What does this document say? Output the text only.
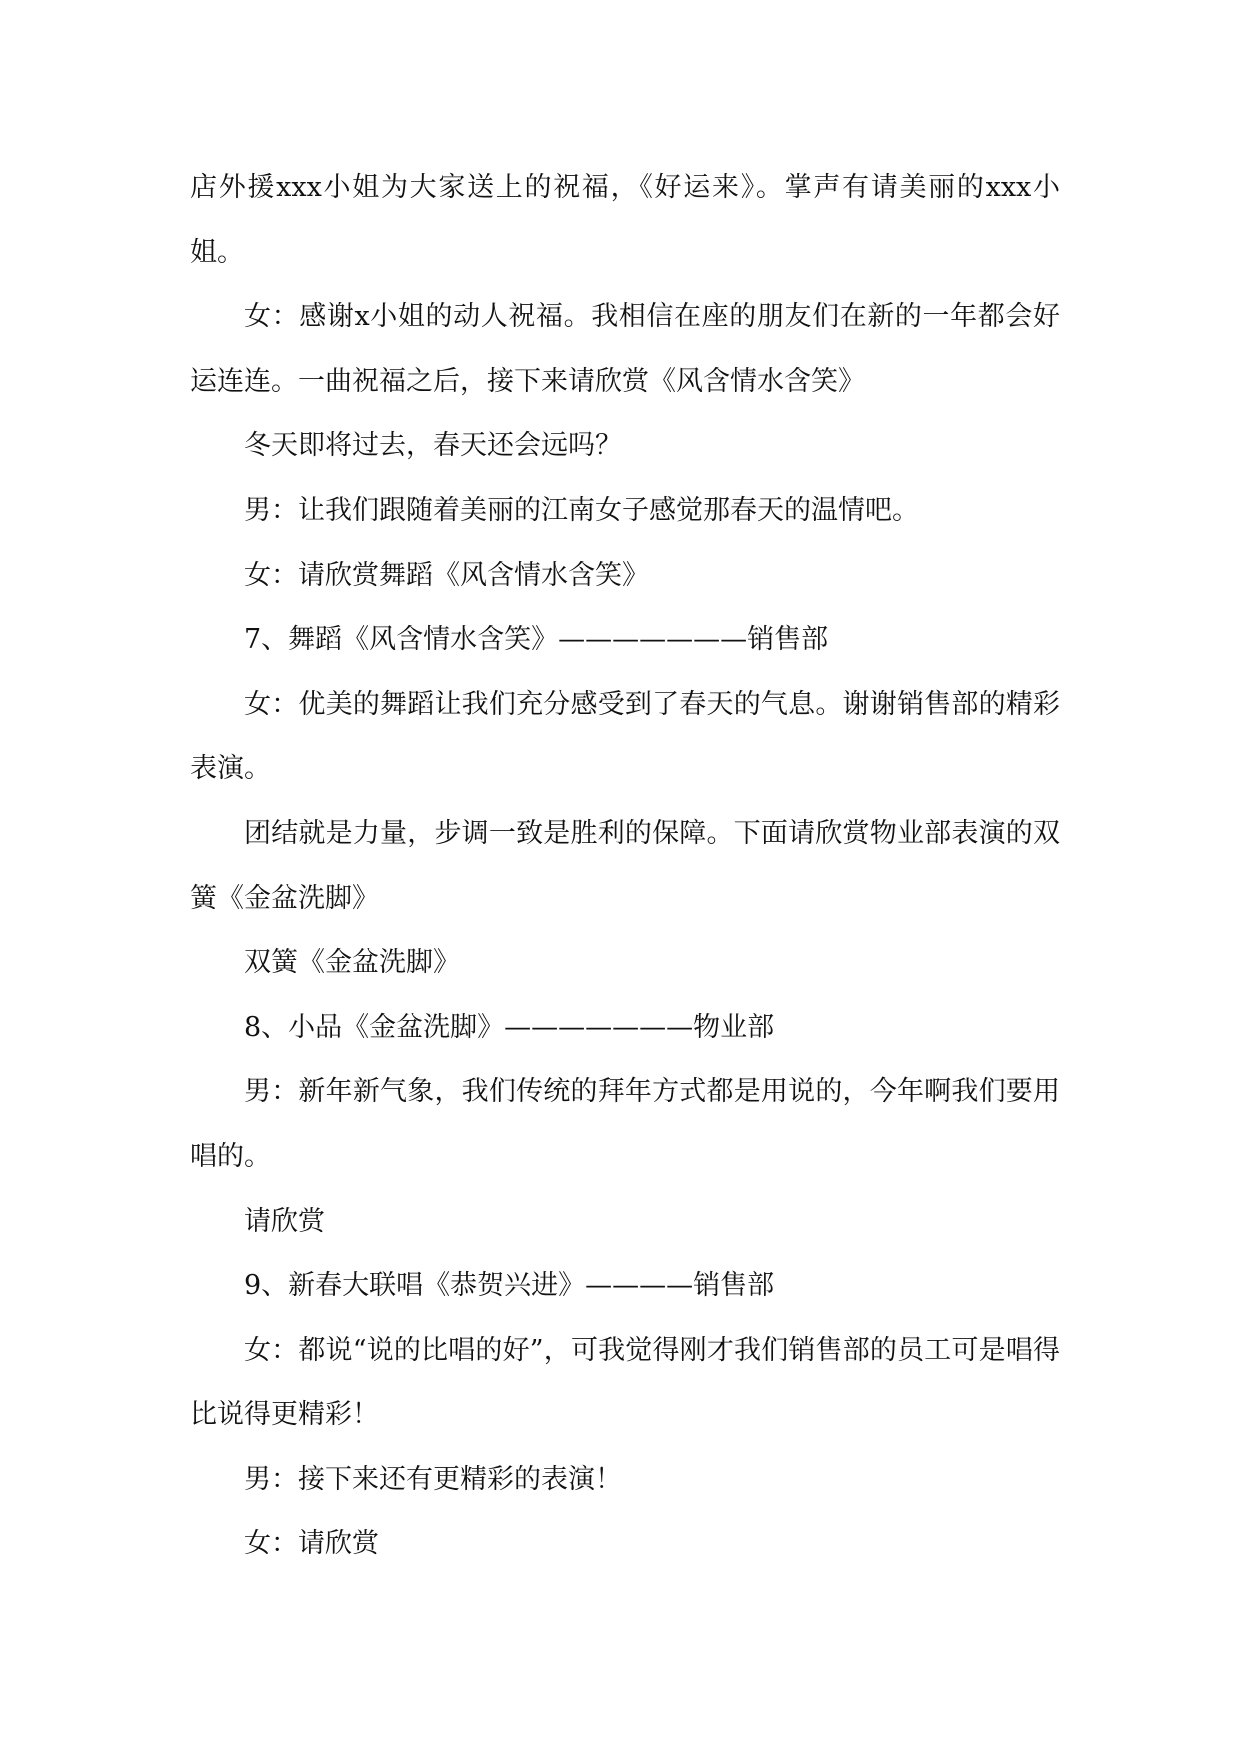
店外援xxx小姐为大家送上的祝福，《好运来》。掌声有请美丽的xxx小姐。

女：感谢x小姐的动人祝福。我相信在座的朋友们在新的一年都会好运连连。一曲祝福之后，接下来请欣赏《风含情水含笑》

冬天即将过去，春天还会远吗？

男：让我们跟随着美丽的江南女子感觉那春天的温情吧。

女：请欣赏舞蹈《风含情水含笑》

7、舞蹈《风含情水含笑》———————销售部

女：优美的舞蹈让我们充分感受到了春天的气息。谢谢销售部的精彩表演。

团结就是力量，步调一致是胜利的保障。下面请欣赏物业部表演的双簧《金盆洗脚》

双簧《金盆洗脚》

8、小品《金盆洗脚》———————物业部

男：新年新气象，我们传统的拜年方式都是用说的，今年啊我们要用唱的。

请欣赏

9、新春大联唱《恭贺兴进》————销售部

女：都说“说的比唱的好”，可我觉得刚才我们销售部的员工可是唱得比说得更精彩！

男：接下来还有更精彩的表演！

女：请欣赏
